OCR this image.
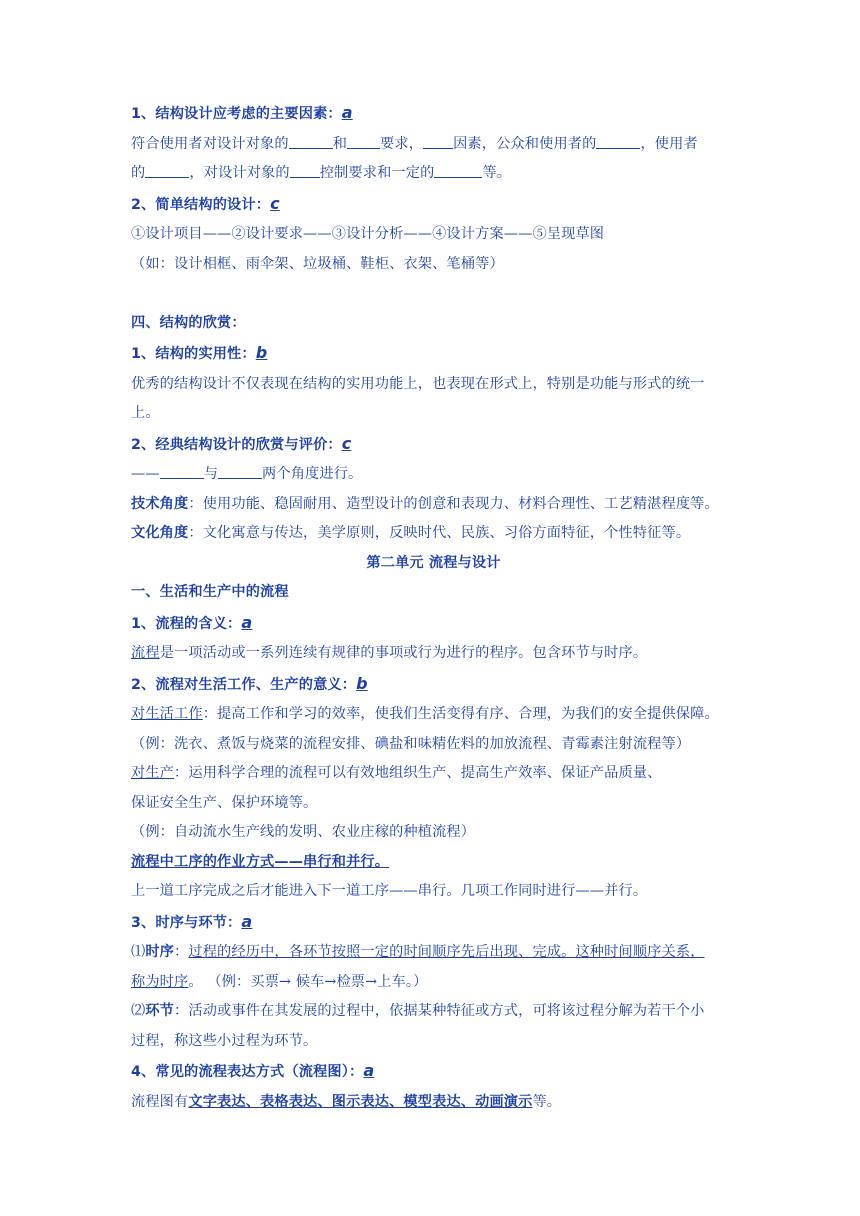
1、结构设计应考虑的主要因素：a
符合使用者对设计对象的	和 要求， 因素，公众和使用者的	，使用者
的	，对设计对象的 控制要求和一定的	等。
2、简单结构的设计：c
①设计项目——②设计要求——③设计分析——④设计方案——⑤呈现草图
（如：设计相框、雨伞架、垃圾桶、鞋柜、衣架、笔桶等）
四、结构的欣赏：
1、结构的实用性：b
优秀的结构设计不仅表现在结构的实用功能上，也表现在形式上，特别是功能与形式的统一
上。
2、经典结构设计的欣赏与评价：c
——	与	两个角度进行。
技术角度：使用功能、稳固耐用、造型设计的创意和表现力、材料合理性、工艺精湛程度等。
文化角度：文化寓意与传达，美学原则，反映时代、民族、习俗方面特征，个性特征等。
第二单元 流程与设计
一、生活和生产中的流程
1、流程的含义：a
流程是一项活动或一系列连续有规律的事项或行为进行的程序。包含环节与时序。
2、流程对生活工作、生产的意义：b
对生活工作：提高工作和学习的效率，使我们生活变得有序、合理，为我们的安全提供保障。
（例：洗衣、煮饭与烧菜的流程安排、碘盐和味精佐料的加放流程、青霉素注射流程等）
对生产：运用科学合理的流程可以有效地组织生产、提高生产效率、保证产品质量、
保证安全生产、保护环境等。
（例：自动流水生产线的发明、农业庄稼的种植流程）
流程中工序的作业方式——串行和并行。
上一道工序完成之后才能进入下一道工序——串行。几项工作同时进行——并行。
3、时序与环节：a
⑴时序：过程的经历中，各环节按照一定的时间顺序先后出现、完成。这种时间顺序关系，
称为时序。 （例：买票→ 候车→检票→上车。）
⑵环节：活动或事件在其发展的过程中，依据某种特征或方式，可将该过程分解为若干个小
过程，称这些小过程为环节。
4、常见的流程表达方式（流程图）：a
流程图有文字表达、表格表达、图示表达、模型表达、动画演示等。
